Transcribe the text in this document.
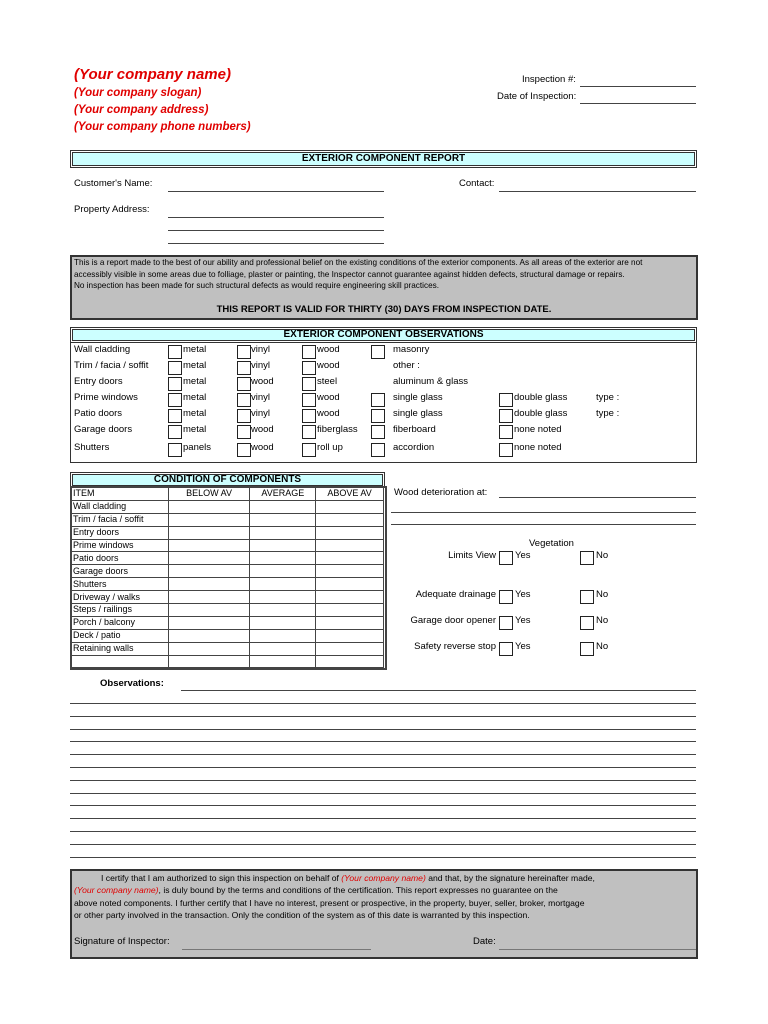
(Your company name)
(Your company slogan)
(Your company address)
(Your company phone numbers)
Inspection #:
Date of Inspection:
EXTERIOR COMPONENT REPORT
Customer's Name:	Contact:
Property Address:
This is a report made to the best of our ability and professional belief on the existing conditions of the exterior components. As all areas of the exterior are not
accessibly visible in some areas due to folliage, plaster or painting, the Inspector cannot guarantee against hidden defects, structural damage or repairs.
No inspection has been made for such structural defects as would require engineering skill practices.
THIS REPORT IS VALID FOR THIRTY (30) DAYS FROM INSPECTION DATE.
EXTERIOR COMPONENT OBSERVATIONS
Wall cladding	metal	vinyl	wood	masonry
Trim / facia / soffit	metal	vinyl	wood	other :
Entry doors	metal	wood	steel	aluminum & glass
Prime windows	metal	vinyl	wood	single glass	double glass	type :
Patio doors	metal	vinyl	wood	single glass	double glass	type :
Garage doors	metal	wood	fiberglass	fiberboard	none noted
Shutters	panels	wood	roll up	accordion	none noted
CONDITION OF COMPONENTS
ITEM	BELOW AV	AVERAGE	ABOVE AV
Wall cladding			
Trim / facia / soffit			
Entry doors			
Prime windows			
Patio doors			
Garage doors			
Shutters			
Driveway / walks			
Steps / railings			
Porch / balcony			
Deck / patio			
Retaining walls			

Wood deterioration at:
Vegetation
Limits View Yes	No
Adequate drainage Yes	No
Garage door opener Yes	No
Safety reverse stop Yes	No
Observations:
I certify that I am authorized to sign this inspection on behalf of (Your company name) and that, by the signature hereinafter made,
(Your company name), is duly bound by the terms and conditions of the certification. This report expresses no guarantee on the
above noted components. I further certify that I have no interest, present or prospective, in the property, buyer, seller, broker, mortgage
or other party involved in the transaction. Only the condition of the system as of this date is warranted by this inspection.
Signature of Inspector:	Date:
